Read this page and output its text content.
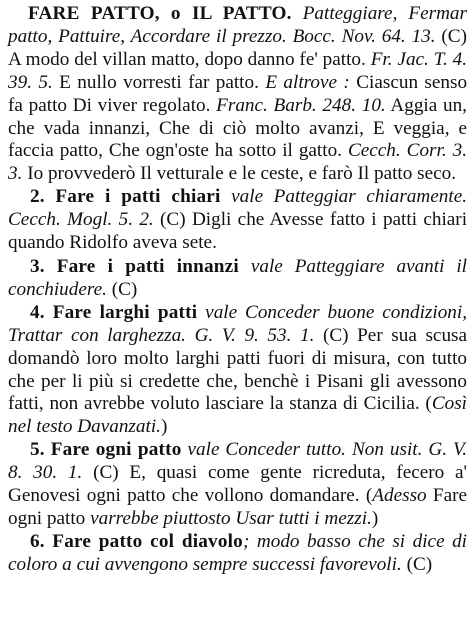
FARE PATTO, o IL PATTO. Patteggiare, Fermar patto, Pattuire, Accordare il prezzo. Bocc. Nov. 64. 13. (C) A modo del villan matto, dopo danno fe' patto. Fr. Jac. T. 4. 39. 5. E nullo vorresti far patto. E altrove : Ciascun senso fa patto Di viver regolato. Franc. Barb. 248. 10. Aggia un, che vada innanzi, Che di ciò molto avanzi, E veggia, e faccia patto, Che ogn'oste ha sotto il gatto. Cecch. Corr. 3. 3. Io provvederò Il vetturale e le ceste, e farò Il patto seco.

2. Fare i patti chiari vale Patteggiar chiaramente. Cecch. Mogl. 5. 2. (C) Digli che Avesse fatto i patti chiari quando Ridolfo aveva sete.

3. Fare i patti innanzi vale Patteggiare avanti il conchiudere. (C)

4. Fare larghi patti vale Conceder buone condizioni, Trattar con larghezza. G. V. 9. 53. 1. (C) Per sua scusa domandò loro molto larghi patti fuori di misura, con tutto che per li più si credette che, benchè i Pisani gli avessono fatti, non avrebbe voluto lasciare la stanza di Cicilia. (Così nel testo Davanzati.)

5. Fare ogni patto vale Conceder tutto. Non usit. G. V. 8. 30. 1. (C) E, quasi come gente ricreduta, fecero a' Genovesi ogni patto che vollono domandare. (Adesso Fare ogni patto varrebbe piuttosto Usar tutti i mezzi.)

6. Fare patto col diavolo; modo basso che si dice di coloro a cui avvengono sempre successi favorevoli. (C)
